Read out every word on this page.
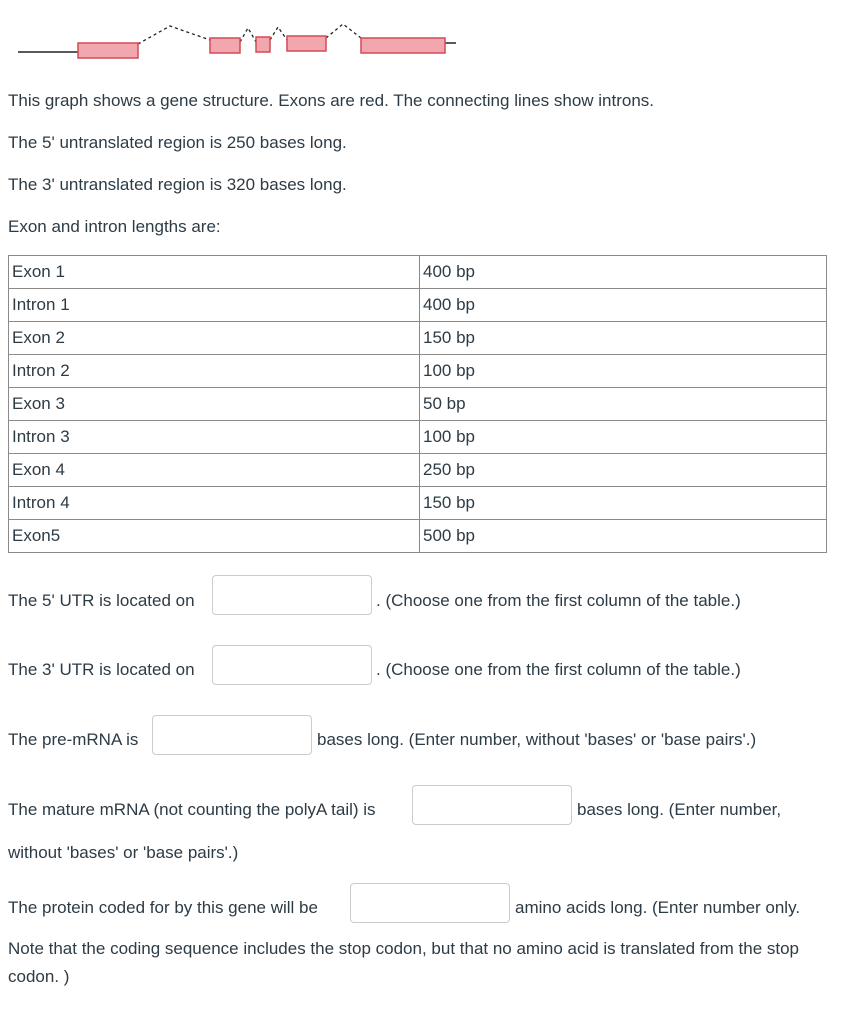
This graph shows a gene structure. Exons are red. The connecting lines show introns.
The 5' untranslated region is 250 bases long.
The 3' untranslated region is 320 bases long.
Exon and intron lengths are:
Exon 1	400 bp
Intron 1	400 bp
Exon 2	150 bp
Intron 2	100 bp
Exon 3	50 bp
Intron 3	100 bp
Exon 4	250 bp
Intron 4	150 bp
Exon5	500 bp
The 5' UTR is located on	. (Choose one from the first column of the table.)
The 3' UTR is located on	. (Choose one from the first column of the table.)
The pre-mRNA is	bases long. (Enter number, without 'bases' or 'base pairs'.)
The mature mRNA (not counting the polyA tail) is	bases long. (Enter number,
without 'bases' or 'base pairs'.)
The protein coded for by this gene will be	amino acids long. (Enter number only.
Note that the coding sequence includes the stop codon, but that no amino acid is translated from the stop codon. )
